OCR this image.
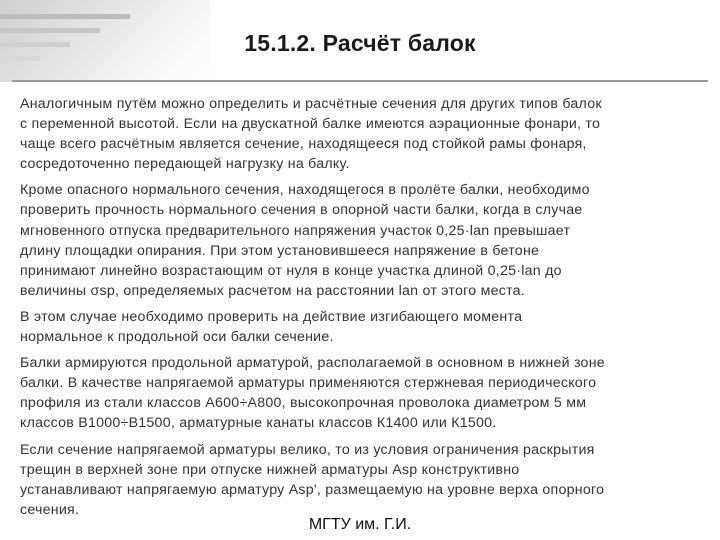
15.1.2. Расчёт балок

Аналогичным путём можно определить и расчётные сечения для других типов балок
с переменной высотой. Если на двускатной балке имеются аэрационные фонари, то
чаще всего расчётным является сечение, находящееся под стойкой рамы фонаря,
сосредоточенно передающей нагрузку на балку.

Кроме опасного нормального сечения, находящегося в пролёте балки, необходимо
проверить прочность нормального сечения в опорной части балки, когда в случае
мгновенного отпуска предварительного напряжения участок 0,25·lan превышает
длину площадки опирания. При этом установившееся напряжение в бетоне
принимают линейно возрастающим от нуля в конце участка длиной 0,25·lan до
величины σsp, определяемых расчетом на расстоянии lan от этого места.

В этом случае необходимо проверить на действие изгибающего момента
нормальное к продольной оси балки сечение.

Балки армируются продольной арматурой, располагаемой в основном в нижней зоне
балки. В качестве напрягаемой арматуры применяются стержневая периодического
профиля из стали классов А600÷А800, высокопрочная проволока диаметром 5 мм
классов В1000÷В1500, арматурные канаты классов К1400 или К1500.

Если сечение напрягаемой арматуры велико, то из условия ограничения раскрытия
трещин в верхней зоне при отпуске нижней арматуры Asp конструктивно
устанавливают напрягаемую арматуру Asp', размещаемую на уровне верха опорного
сечения.

МГТУ им. Г.И.
